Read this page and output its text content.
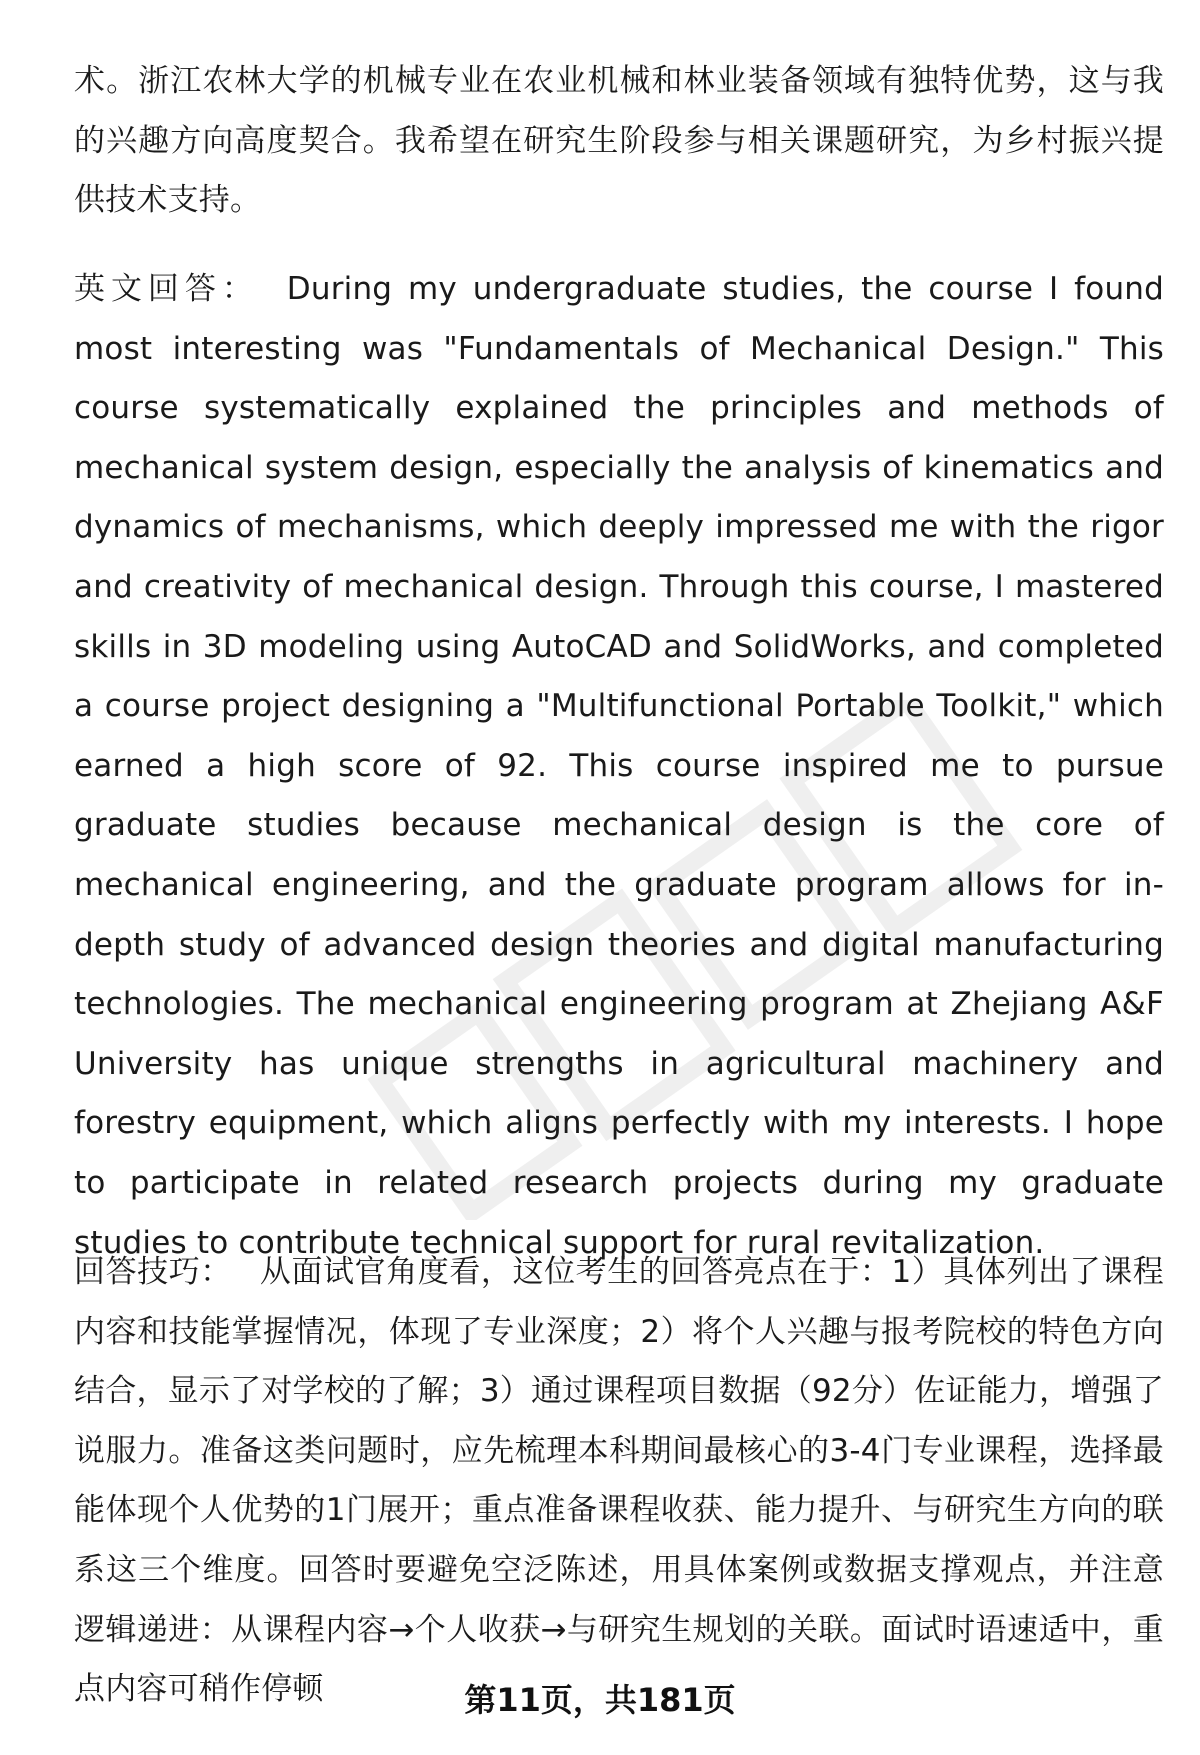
术。浙江农林大学的机械专业在农业机械和林业装备领域有独特优势，这与我的兴趣方向高度契合。我希望在研究生阶段参与相关课题研究，为乡村振兴提供技术支持。

英文回答： During my undergraduate studies, the course I found most interesting was "Fundamentals of Mechanical Design." This course systematically explained the principles and methods of mechanical system design, especially the analysis of kinematics and dynamics of mechanisms, which deeply impressed me with the rigor and creativity of mechanical design. Through this course, I mastered skills in 3D modeling using AutoCAD and SolidWorks, and completed a course project designing a "Multifunctional Portable Toolkit," which earned a high score of 92. This course inspired me to pursue graduate studies because mechanical design is the core of mechanical engineering, and the graduate program allows for in-depth study of advanced design theories and digital manufacturing technologies. The mechanical engineering program at Zhejiang A&F University has unique strengths in agricultural machinery and forestry equipment, which aligns perfectly with my interests. I hope to participate in related research projects during my graduate studies to contribute technical support for rural revitalization.

回答技巧： 从面试官角度看，这位考生的回答亮点在于：1）具体列出了课程内容和技能掌握情况，体现了专业深度；2）将个人兴趣与报考院校的特色方向结合，显示了对学校的了解；3）通过课程项目数据（92分）佐证能力，增强了说服力。准备这类问题时，应先梳理本科期间最核心的3-4门专业课程，选择最能体现个人优势的1门展开；重点准备课程收获、能力提升、与研究生方向的联系这三个维度。回答时要避免空泛陈述，用具体案例或数据支撑观点，并注意逻辑递进：从课程内容→个人收获→与研究生规划的关联。面试时语速适中，重点内容可稍作停顿	第11页，共181页
